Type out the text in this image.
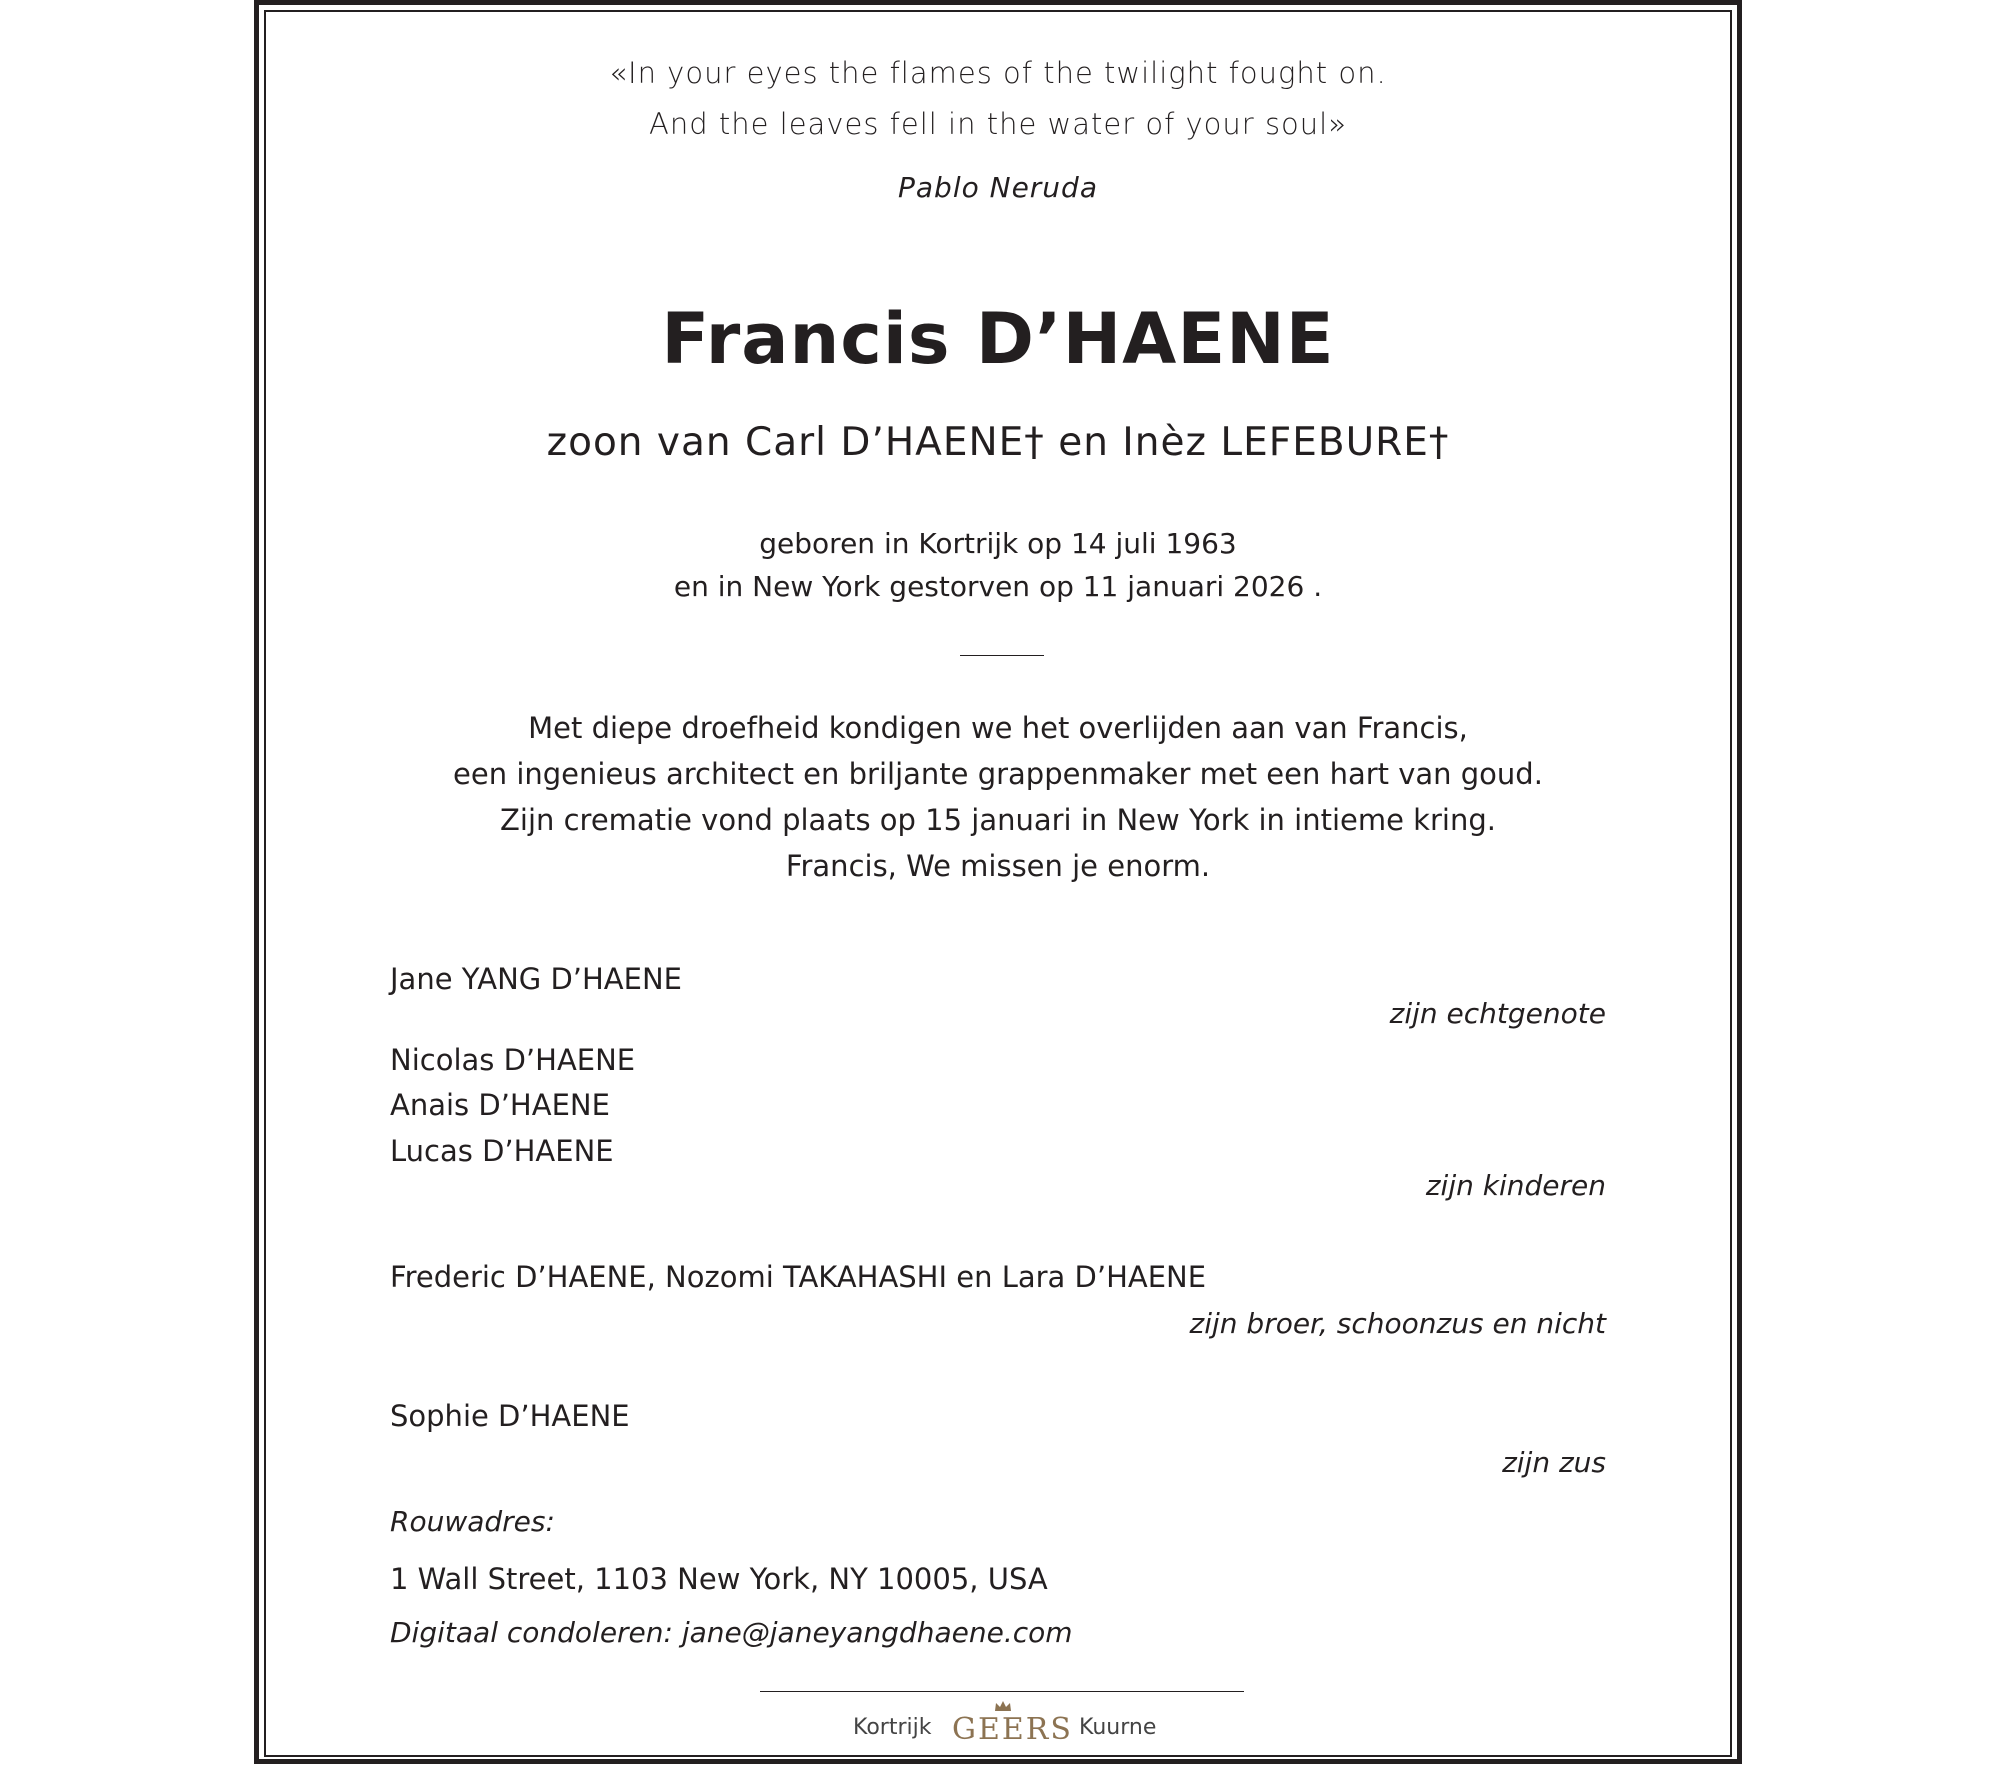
«In your eyes the flames of the twilight fought on.
And the leaves fell in the water of your soul»
Pablo Neruda
Francis D’HAENE
zoon van Carl D’HAENE† en Inèz LEFEBURE†
geboren in Kortrijk op 14 juli 1963
en in New York gestorven op 11 januari 2026 .
Met diepe droefheid kondigen we het overlijden aan van Francis,
een ingenieus architect en briljante grappenmaker met een hart van goud.
Zijn crematie vond plaats op 15 januari in New York in intieme kring.
Francis, We missen je enorm.
Jane YANG D’HAENE
zijn echtgenote
Nicolas D’HAENE
Anais D’HAENE
Lucas D’HAENE
zijn kinderen
Frederic D’HAENE, Nozomi TAKAHASHI en Lara D’HAENE
zijn broer, schoonzus en nicht
Sophie D’HAENE
zijn zus
Rouwadres:
1 Wall Street, 1103 New York, NY 10005, USA
Digitaal condoleren: jane@janeyangdhaene.com
Kortrijk GEERS Kuurne
